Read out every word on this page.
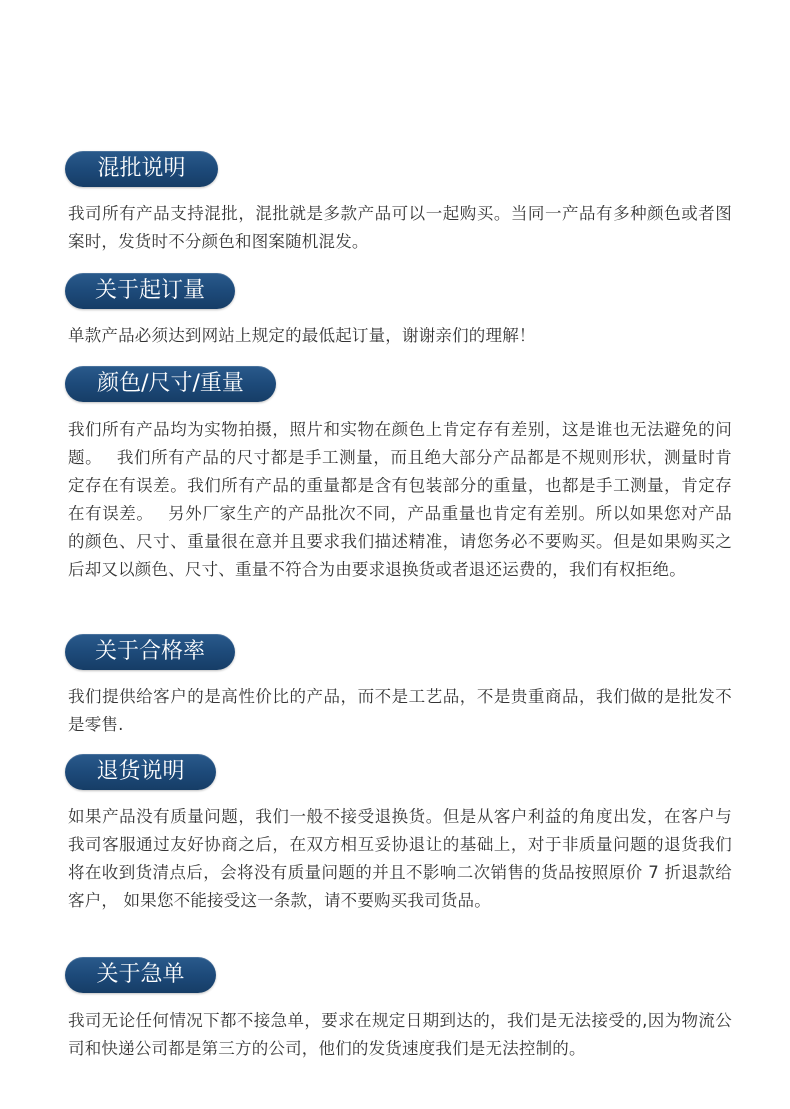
混批说明

我司所有产品支持混批，混批就是多款产品可以一起购买。当同一产品有多种颜色或者图案时，发货时不分颜色和图案随机混发。

关于起订量

单款产品必须达到网站上规定的最低起订量，谢谢亲们的理解！

颜色/尺寸/重量

我们所有产品均为实物拍摄，照片和实物在颜色上肯定存有差别，这是谁也无法避免的问题。　 我们所有产品的尺寸都是手工测量，而且绝大部分产品都是不规则形状，测量时肯定存在有误差。我们所有产品的重量都是含有包装部分的重量，也都是手工测量，肯定存在有误差。　 另外厂家生产的产品批次不同，产品重量也肯定有差别。所以如果您对产品的颜色、尺寸、重量很在意并且要求我们描述精准，请您务必不要购买。但是如果购买之后却又以颜色、尺寸、重量不符合为由要求退换货或者退还运费的，我们有权拒绝。

关于合格率

我们提供给客户的是高性价比的产品，而不是工艺品，不是贵重商品，我们做的是批发不是零售.

退货说明

如果产品没有质量问题，我们一般不接受退换货。但是从客户利益的角度出发，在客户与我司客服通过友好协商之后，在双方相互妥协退让的基础上，对于非质量问题的退货我们将在收到货清点后，会将没有质量问题的并且不影响二次销售的货品按照原价 7 折退款给客户， 如果您不能接受这一条款，请不要购买我司货品。

关于急单

我司无论任何情况下都不接急单，要求在规定日期到达的，我们是无法接受的,因为物流公司和快递公司都是第三方的公司，他们的发货速度我们是无法控制的。
